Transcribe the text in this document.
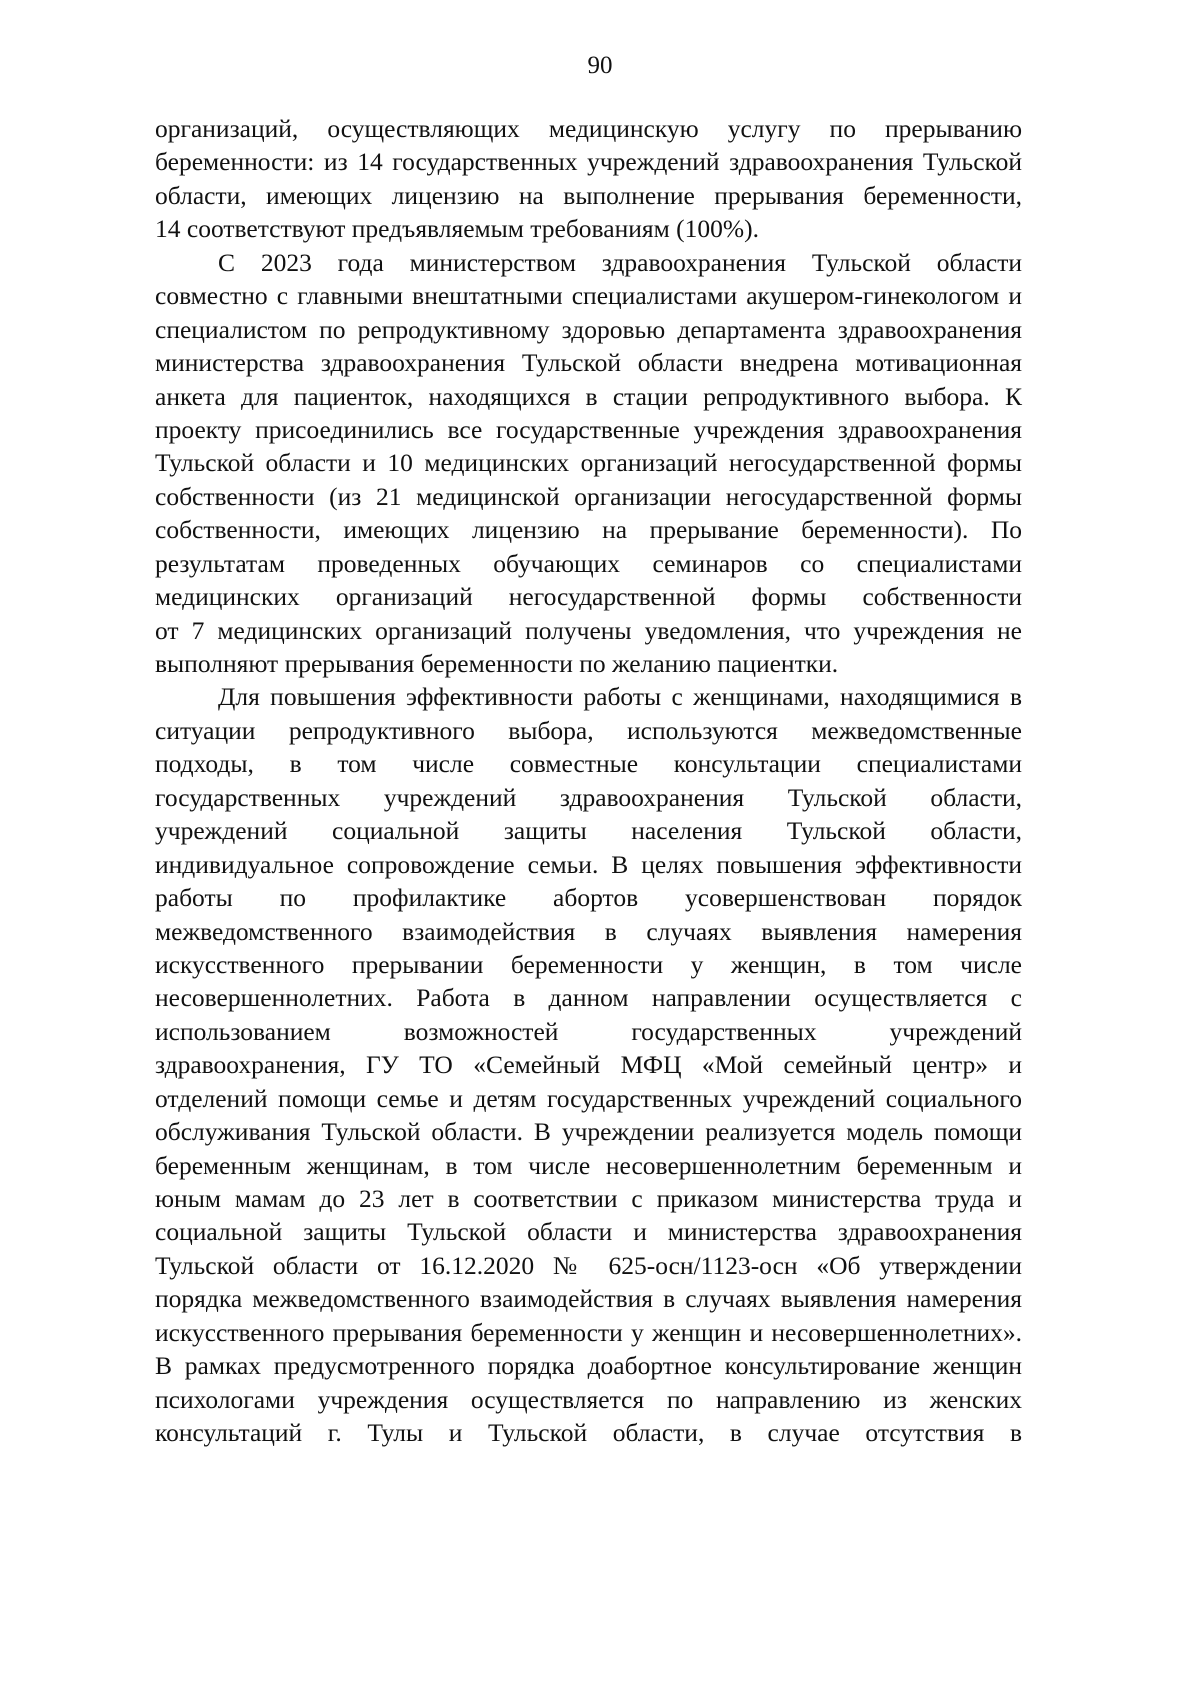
90
организаций, осуществляющих медицинскую услугу по прерыванию
беременности: из 14 государственных учреждений здравоохранения Тульской
области, имеющих лицензию на выполнение прерывания беременности,
14 соответствуют предъявляемым требованиям (100%).
С 2023 года министерством здравоохранения Тульской области
совместно с главными внештатными специалистами акушером-гинекологом и
специалистом по репродуктивному здоровью департамента здравоохранения
министерства здравоохранения Тульской области внедрена мотивационная
анкета для пациенток, находящихся в стации репродуктивного выбора. К
проекту присоединились все государственные учреждения здравоохранения
Тульской области и 10 медицинских организаций негосударственной формы
собственности (из 21 медицинской организации негосударственной формы
собственности, имеющих лицензию на прерывание беременности). По
результатам проведенных обучающих семинаров со специалистами
медицинских организаций негосударственной формы собственности
от 7 медицинских организаций получены уведомления, что учреждения не
выполняют прерывания беременности по желанию пациентки.
Для повышения эффективности работы с женщинами, находящимися в
ситуации репродуктивного выбора, используются межведомственные
подходы, в том числе совместные консультации специалистами
государственных учреждений здравоохранения Тульской области,
учреждений социальной защиты населения Тульской области,
индивидуальное сопровождение семьи. В целях повышения эффективности
работы по профилактике абортов усовершенствован порядок
межведомственного взаимодействия в случаях выявления намерения
искусственного прерывании беременности у женщин, в том числе
несовершеннолетних. Работа в данном направлении осуществляется с
использованием возможностей государственных учреждений
здравоохранения, ГУ ТО «Семейный МФЦ «Мой семейный центр» и
отделений помощи семье и детям государственных учреждений социального
обслуживания Тульской области. В учреждении реализуется модель помощи
беременным женщинам, в том числе несовершеннолетним беременным и
юным мамам до 23 лет в соответствии с приказом министерства труда и
социальной защиты Тульской области и министерства здравоохранения
Тульской области от 16.12.2020 № 625-осн/1123-осн «Об утверждении
порядка межведомственного взаимодействия в случаях выявления намерения
искусственного прерывания беременности у женщин и несовершеннолетних».
В рамках предусмотренного порядка доабортное консультирование женщин
психологами учреждения осуществляется по направлению из женских
консультаций г. Тулы и Тульской области, в случае отсутствия в
